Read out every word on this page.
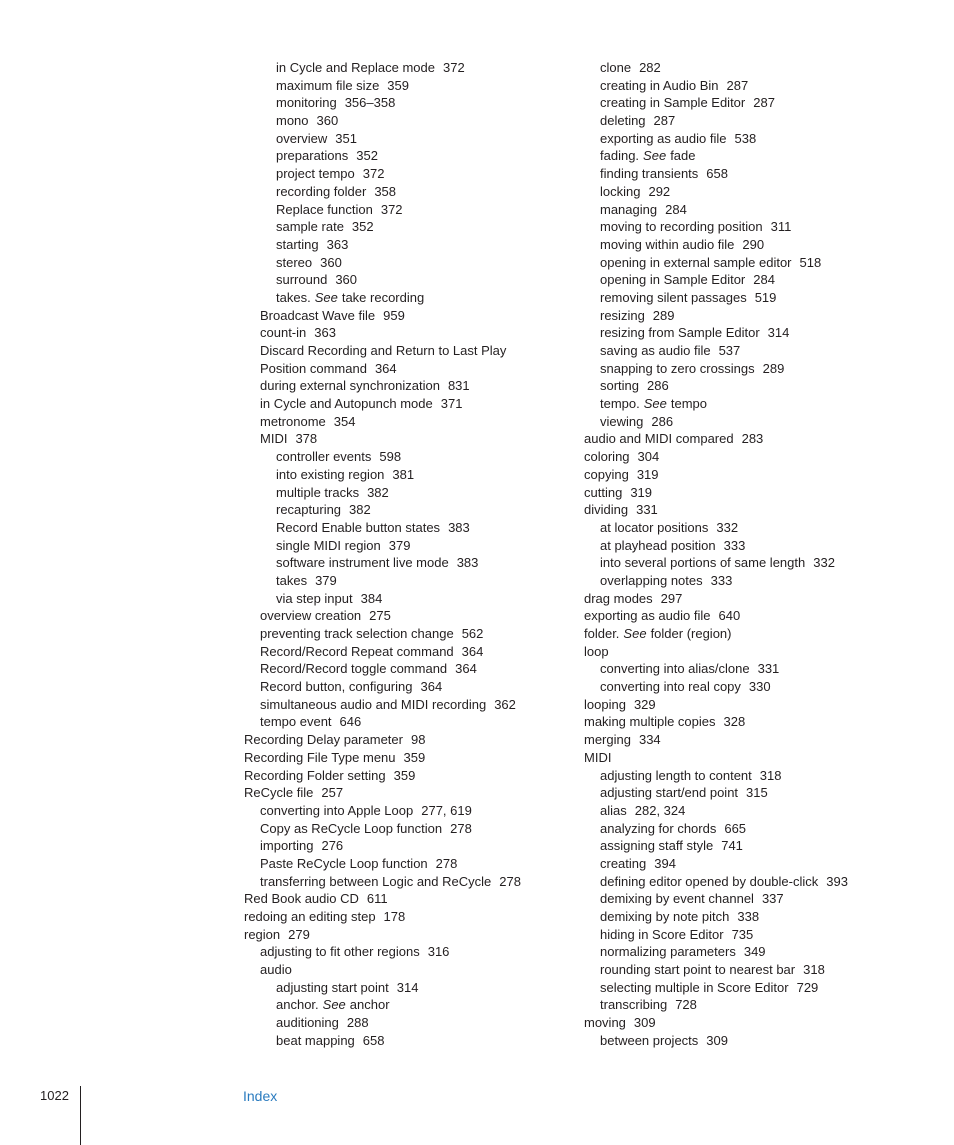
in Cycle and Replace mode 372
maximum file size 359
monitoring 356–358
mono 360
overview 351
preparations 352
project tempo 372
recording folder 358
Replace function 372
sample rate 352
starting 363
stereo 360
surround 360
takes. See take recording
Broadcast Wave file 959
count-in 363
Discard Recording and Return to Last Play
Position command 364
during external synchronization 831
in Cycle and Autopunch mode 371
metronome 354
MIDI 378
controller events 598
into existing region 381
multiple tracks 382
recapturing 382
Record Enable button states 383
single MIDI region 379
software instrument live mode 383
takes 379
via step input 384
overview creation 275
preventing track selection change 562
Record/Record Repeat command 364
Record/Record toggle command 364
Record button, configuring 364
simultaneous audio and MIDI recording 362
tempo event 646
Recording Delay parameter 98
Recording File Type menu 359
Recording Folder setting 359
ReCycle file 257
converting into Apple Loop 277, 619
Copy as ReCycle Loop function 278
importing 276
Paste ReCycle Loop function 278
transferring between Logic and ReCycle 278
Red Book audio CD 611
redoing an editing step 178
region 279
adjusting to fit other regions 316
audio
adjusting start point 314
anchor. See anchor
auditioning 288
beat mapping 658
clone 282
creating in Audio Bin 287
creating in Sample Editor 287
deleting 287
exporting as audio file 538
fading. See fade
finding transients 658
locking 292
managing 284
moving to recording position 311
moving within audio file 290
opening in external sample editor 518
opening in Sample Editor 284
removing silent passages 519
resizing 289
resizing from Sample Editor 314
saving as audio file 537
snapping to zero crossings 289
sorting 286
tempo. See tempo
viewing 286
audio and MIDI compared 283
coloring 304
copying 319
cutting 319
dividing 331
at locator positions 332
at playhead position 333
into several portions of same length 332
overlapping notes 333
drag modes 297
exporting as audio file 640
folder. See folder (region)
loop
converting into alias/clone 331
converting into real copy 330
looping 329
making multiple copies 328
merging 334
MIDI
adjusting length to content 318
adjusting start/end point 315
alias 282, 324
analyzing for chords 665
assigning staff style 741
creating 394
defining editor opened by double-click 393
demixing by event channel 337
demixing by note pitch 338
hiding in Score Editor 735
normalizing parameters 349
rounding start point to nearest bar 318
selecting multiple in Score Editor 729
transcribing 728
moving 309
between projects 309
1022	Index
